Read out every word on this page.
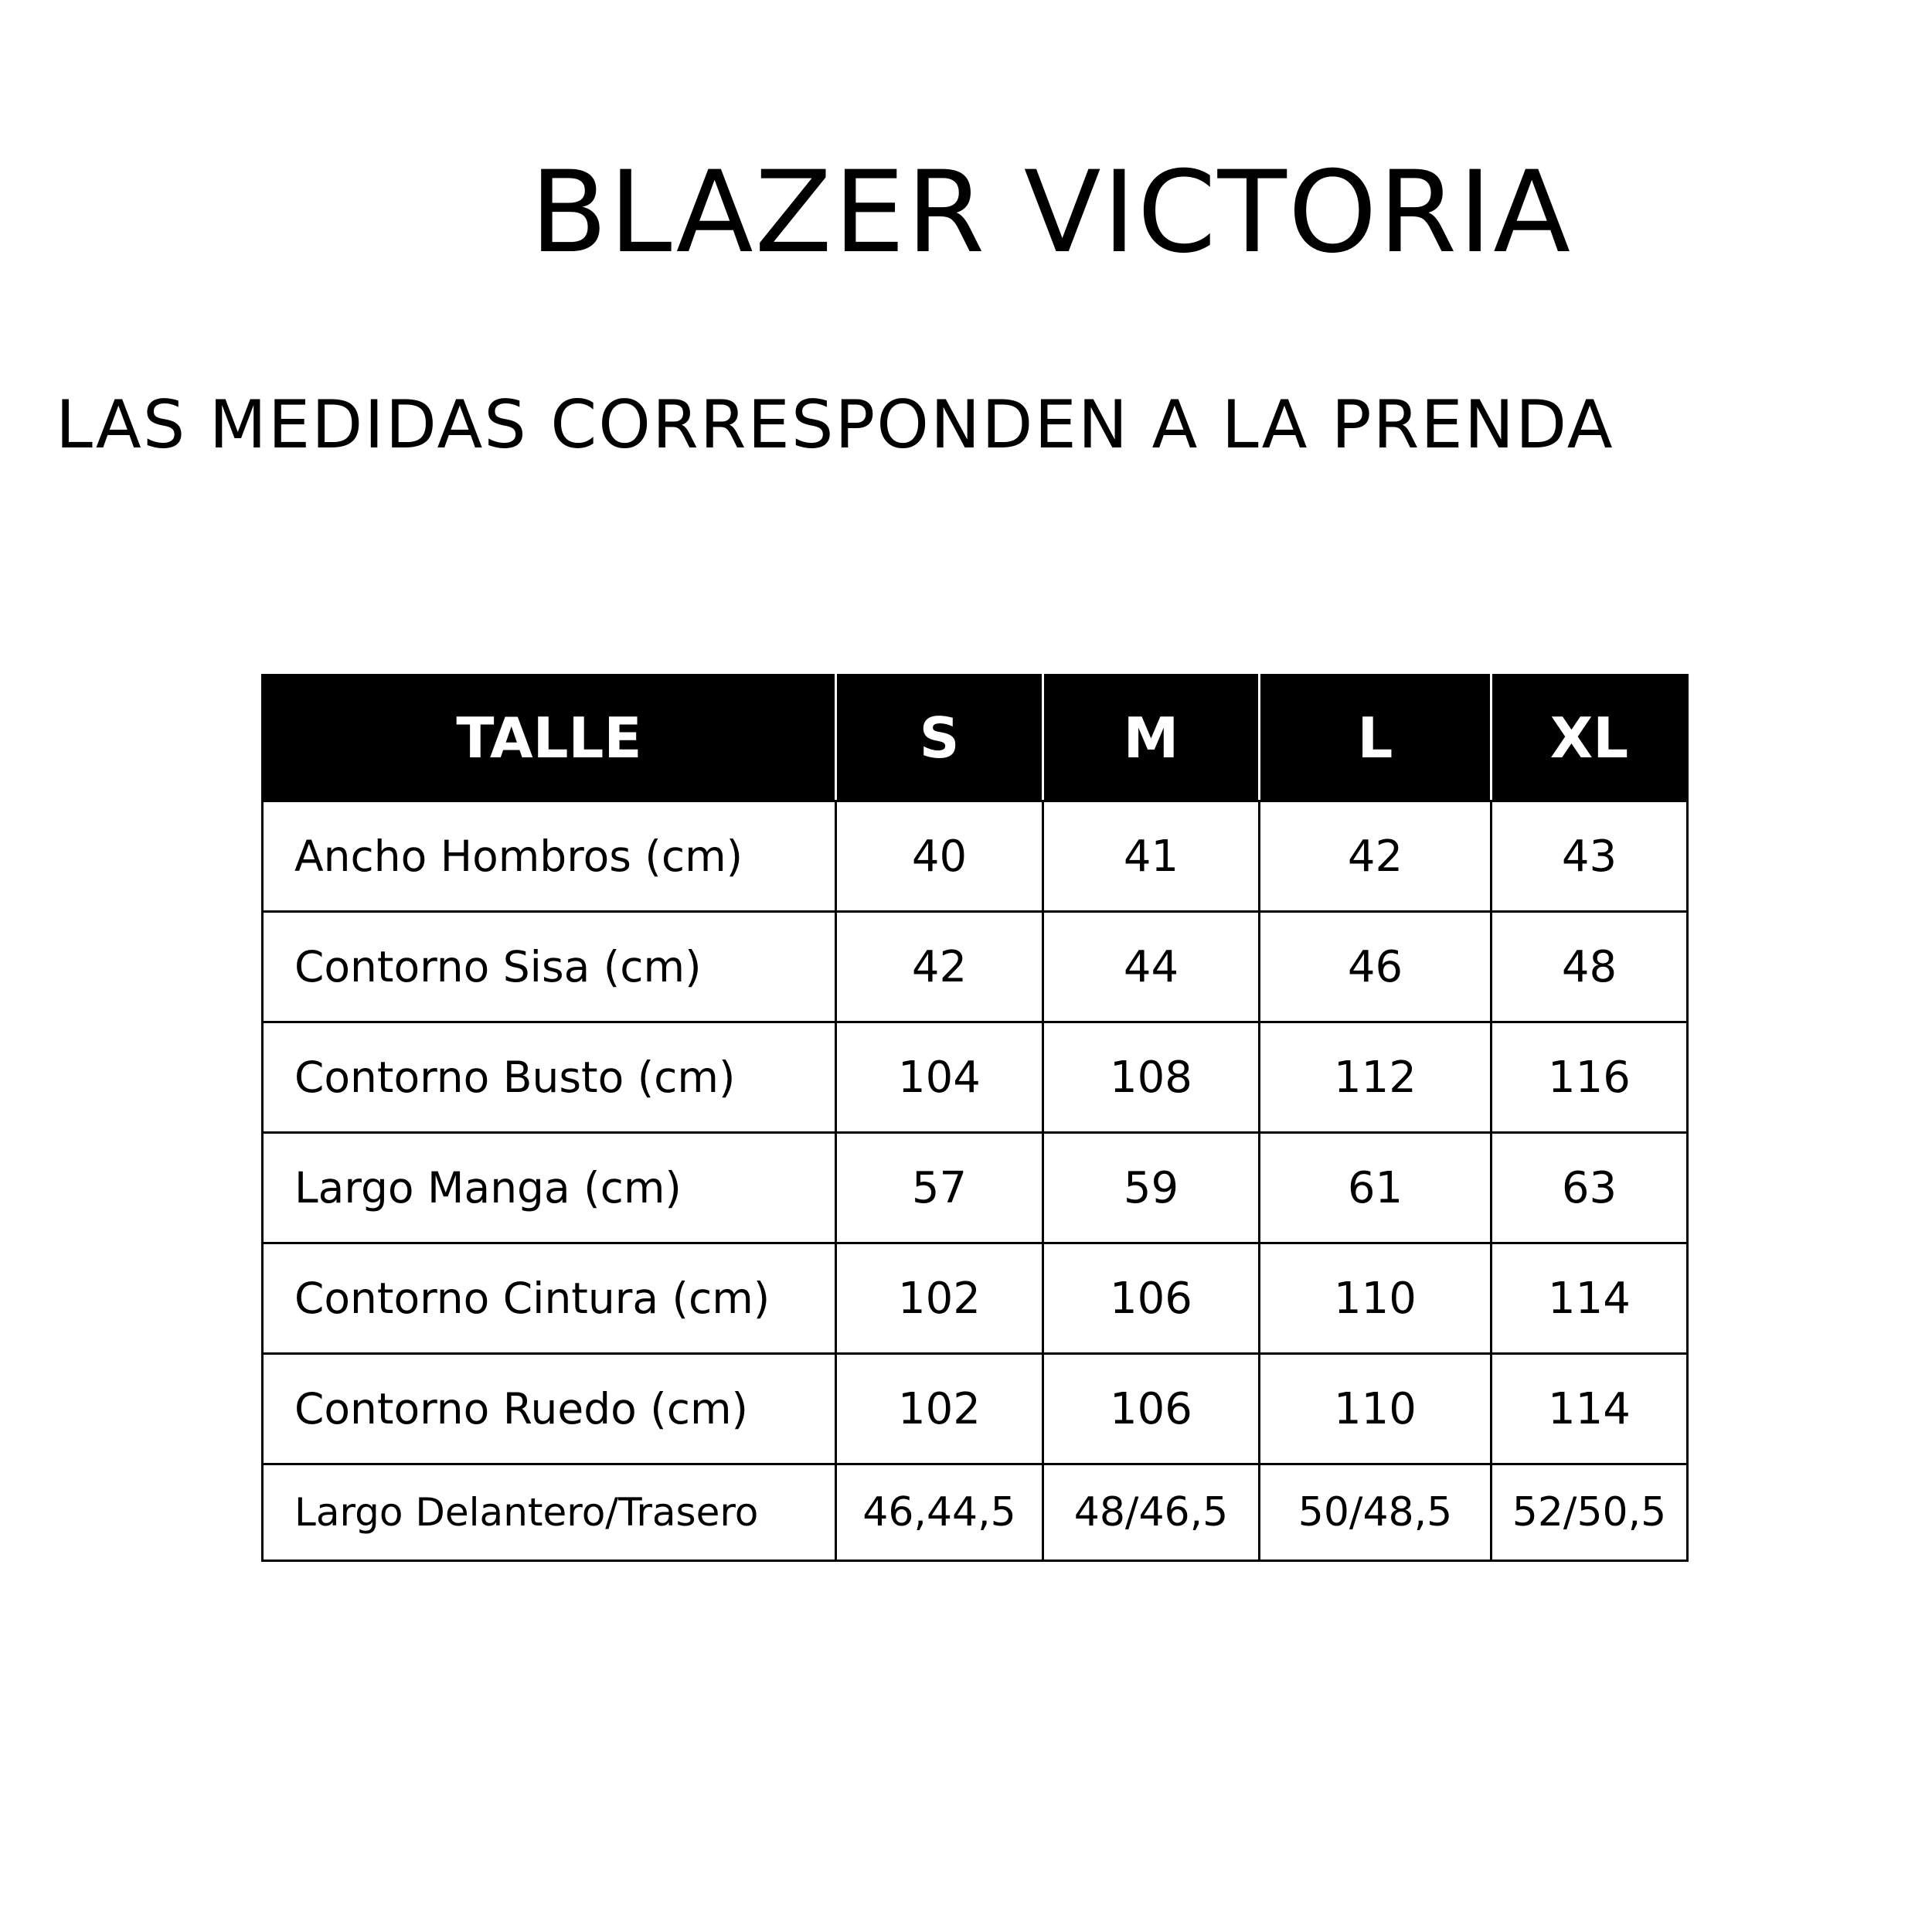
BLAZER VICTORIA
LAS MEDIDAS CORRESPONDEN A LA PRENDA
TALLE	S	M	L	XL
Ancho Hombros (cm)	40	41	42	43
Contorno Sisa (cm)	42	44	46	48
Contorno Busto (cm)	104	108	112	116
Largo Manga (cm)	57	59	61	63
Contorno Cintura (cm)	102	106	110	114
Contorno Ruedo (cm)	102	106	110	114
Largo Delantero/Trasero	46,44,5	48/46,5	50/48,5	52/50,5
